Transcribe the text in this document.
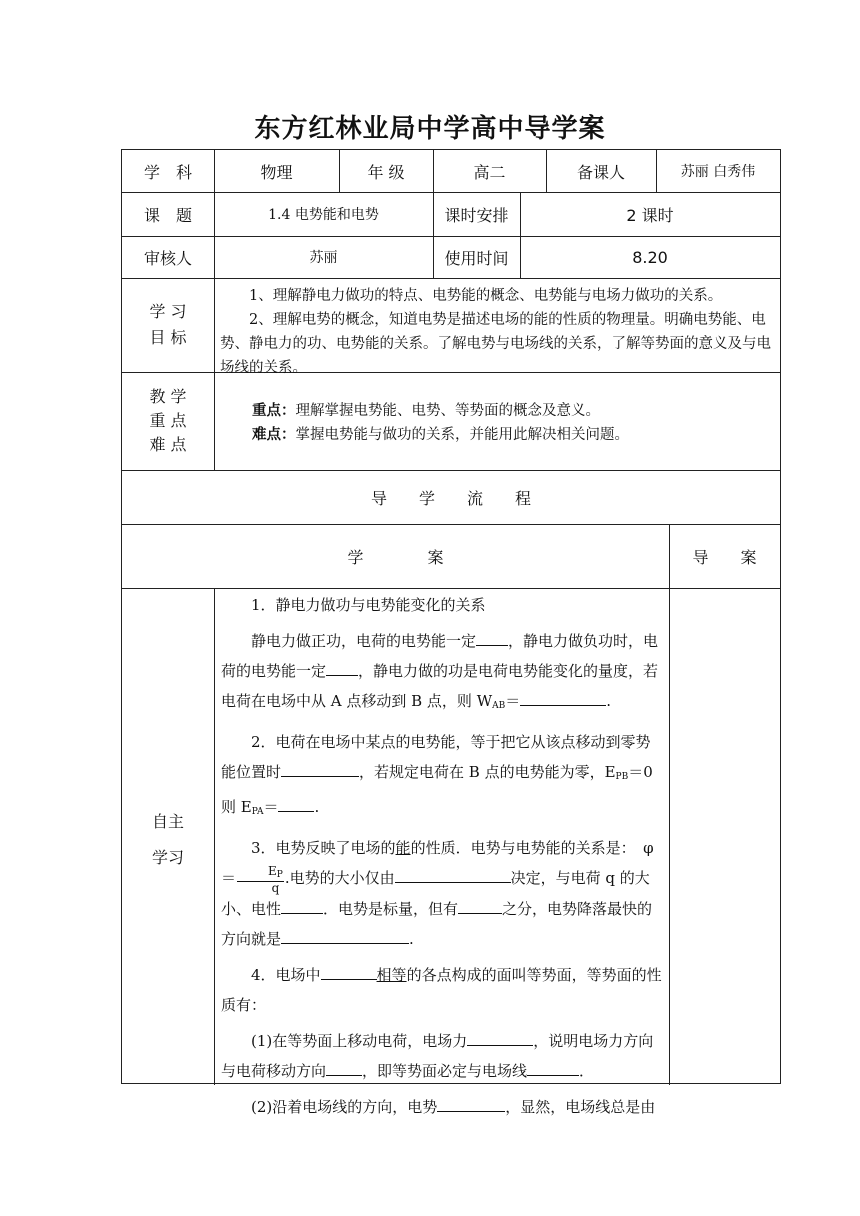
东方红林业局中学高中导学案
学　科	物理	年 级	高二	备课人	苏丽 白秀伟
课　题	1.4 电势能和电势	课时安排	2 课时
审核人	苏丽	使用时间	8.20
学 习
目 标

1、理解静电力做功的特点、电势能的概念、电势能与电场力做功的关系。

2、理解电势的概念，知道电势是描述电场的能的性质的物理量。明确电势能、电势、静电力的功、电势能的关系。了解电势与电场线的关系，了解等势面的意义及与电场线的关系。

教 学
重 点
难 点
重点：理解掌握电势能、电势、等势面的概念及意义。
难点：掌握电势能与做功的关系，并能用此解决相关问题。
导　　学　　流　　程
学　　　　案	导　　案
自主
学习

1．静电力做功与电势能变化的关系

静电力做正功，电荷的电势能一定 ，静电力做负功时，电荷的电势能一定 ，静电力做的功是电荷电势能变化的量度，若电荷在电场中从 A 点移动到 B 点，则 $W_{AB}=$	.

2．电荷在电场中某点的电势能，等于把它从该点移动到零势能位置时	，若规定电荷在 B 点的电势能为零，$E_{PB}=0$ 则 $E_{PA}=$ .

3．电势反映了电场的能的性质．电势与电势能的关系是：　$\varphi= \frac{E_P}{q}$ .电势的大小仅由	决定，与电荷 q 的大小、电性	．电势是标量，但有	之分，电势降落最快的方向就是	.

4．电场中	相等的各点构成的面叫等势面，等势面的性质有：

(1)在等势面上移动电荷，电场力	，说明电场力方向与电荷移动方向 ，即等势面必定与电场线	．

(2)沿着电场线的方向，电势	，显然，电场线总是由
